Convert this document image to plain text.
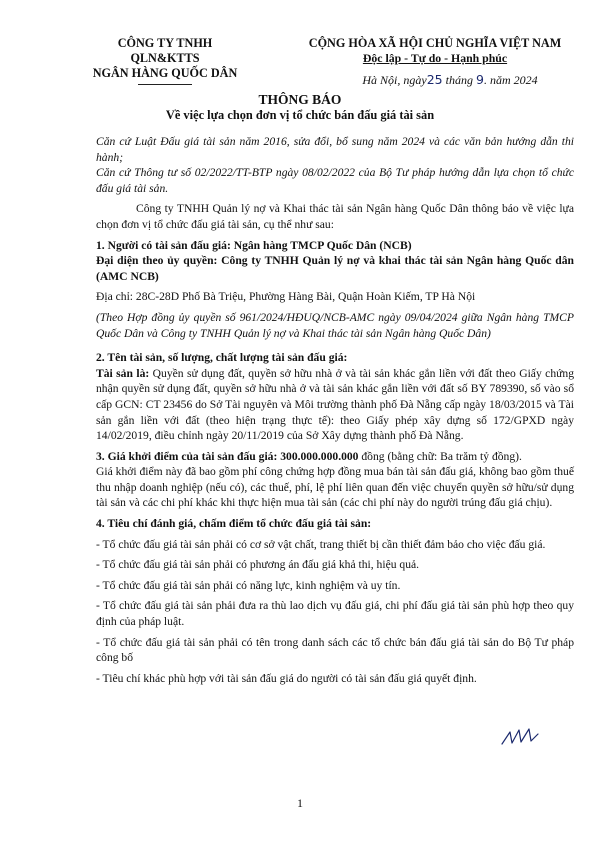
CÔNG TY TNHH QLN&KTTS
NGÂN HÀNG QUỐC DÂN
CỘNG HÒA XÃ HỘI CHỦ NGHĨA VIỆT NAM
Độc lập - Tự do - Hạnh phúc
Hà Nội, ngày25 tháng 9. năm 2024
THÔNG BÁO
Về việc lựa chọn đơn vị tổ chức bán đấu giá tài sản

Căn cứ Luật Đấu giá tài sản năm 2016, sửa đổi, bổ sung năm 2024 và các văn bản hướng dẫn thi hành;

Căn cứ Thông tư số 02/2022/TT-BTP ngày 08/02/2022 của Bộ Tư pháp hướng dẫn lựa chọn tổ chức đấu giá tài sản.

Công ty TNHH Quản lý nợ và Khai thác tài sản Ngân hàng Quốc Dân thông báo về việc lựa chọn đơn vị tổ chức đấu giá tài sản, cụ thể như sau:

1. Người có tài sản đấu giá: Ngân hàng TMCP Quốc Dân (NCB)

Đại diện theo ủy quyền: Công ty TNHH Quản lý nợ và khai thác tài sản Ngân hàng Quốc dân (AMC NCB)

Địa chỉ: 28C-28D Phố Bà Triệu, Phường Hàng Bài, Quận Hoàn Kiếm, TP Hà Nội

(Theo Hợp đồng ủy quyền số 961/2024/HĐUQ/NCB-AMC ngày 09/04/2024 giữa Ngân hàng TMCP Quốc Dân và Công ty TNHH Quản lý nợ và Khai thác tài sản Ngân hàng Quốc Dân)

2. Tên tài sản, số lượng, chất lượng tài sản đấu giá:

Tài sản là: Quyền sử dụng đất, quyền sở hữu nhà ở và tài sản khác gắn liền với đất theo Giấy chứng nhận quyền sử dụng đất, quyền sở hữu nhà ở và tài sản khác gắn liền với đất số BY 789390, số vào sổ cấp GCN: CT 23456 do Sở Tài nguyên và Môi trường thành phố Đà Nẵng cấp ngày 18/03/2015 và Tài sản gắn liền với đất (theo hiện trạng thực tế): theo Giấy phép xây dựng số 172/GPXD ngày 14/02/2019, điều chỉnh ngày 20/11/2019 của Sở Xây dựng thành phố Đà Nẵng.

3. Giá khởi điểm của tài sản đấu giá: 300.000.000.000 đồng (bằng chữ: Ba trăm tỷ đồng).

Giá khởi điểm này đã bao gồm phí công chứng hợp đồng mua bán tài sản đấu giá, không bao gồm thuế thu nhập doanh nghiệp (nếu có), các thuế, phí, lệ phí liên quan đến việc chuyển quyền sở hữu/sử dụng tài sản và các chi phí khác khi thực hiện mua tài sản (các chi phí này do người trúng đấu giá chịu).

4. Tiêu chí đánh giá, chấm điểm tổ chức đấu giá tài sản:

- Tổ chức đấu giá tài sản phải có cơ sở vật chất, trang thiết bị cần thiết đảm bảo cho việc đấu giá.

- Tổ chức đấu giá tài sản phải có phương án đấu giá khả thi, hiệu quả.

- Tổ chức đấu giá tài sản phải có năng lực, kinh nghiệm và uy tín.

- Tổ chức đấu giá tài sản phải đưa ra thù lao dịch vụ đấu giá, chi phí đấu giá tài sản phù hợp theo quy định của pháp luật.

- Tổ chức đấu giá tài sản phải có tên trong danh sách các tổ chức bán đấu giá tài sản do Bộ Tư pháp công bố

- Tiêu chí khác phù hợp với tài sản đấu giá do người có tài sản đấu giá quyết định.

1
